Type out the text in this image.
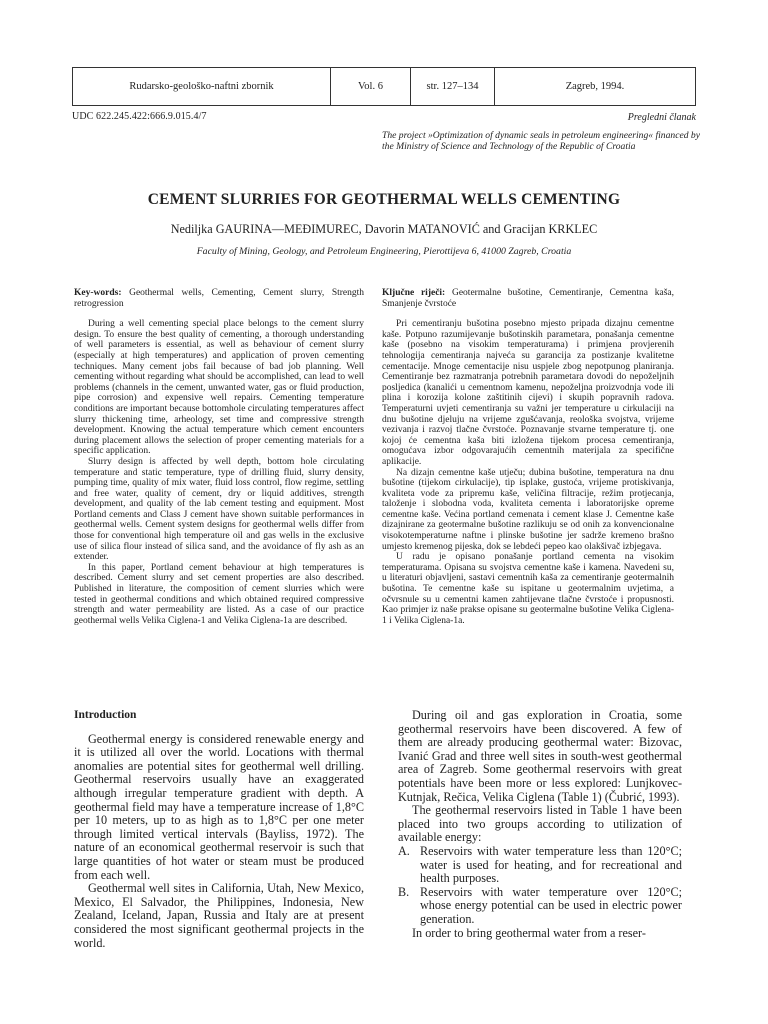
Rudarsko-geološko-naftni zbornik	Vol. 6	str. 127–134	Zagreb, 1994.
UDC 622.245.422:666.9.015.4/7	Pregledni članak
The project »Optimization of dynamic seals in petroleum engineering« financed by the Ministry of Science and Technology of the Republic of Croatia
CEMENT SLURRIES FOR GEOTHERMAL WELLS CEMENTING
Nediljka GAURINA—MEĐIMUREC, Davorin MATANOVIĆ and Gracijan KRKLEC
Faculty of Mining, Geology, and Petroleum Engineering, Pierottijeva 6, 41000 Zagreb, Croatia

Key-words: Geothermal wells, Cementing, Cement slurry, Strength retrogression

During a well cementing special place belongs to the cement slurry design. To ensure the best quality of cementing, a thorough understanding of well parameters is essential, as well as behaviour of cement slurry (especially at high temperatures) and application of proven cementing techniques. Many cement jobs fail because of bad job planning. Well cementing without regarding what should be accomplished, can lead to well problems (channels in the cement, unwanted water, gas or fluid production, pipe corrosion) and expensive well repairs. Cementing temperature conditions are important because bottomhole circulating temperatures affect slurry thickening time, arheology, set time and compressive strength development. Knowing the actual temperature which cement encounters during placement allows the selection of proper cementing materials for a specific application.

Slurry design is affected by well depth, bottom hole circulating temperature and static temperature, type of drilling fluid, slurry density, pumping time, quality of mix water, fluid loss control, flow regime, settling and free water, quality of cement, dry or liquid additives, strength development, and quality of the lab cement testing and equipment. Most Portland cements and Class J cement have shown suitable performances in geothermal wells. Cement system designs for geothermal wells differ from those for conventional high temperature oil and gas wells in the exclusive use of silica flour instead of silica sand, and the avoidance of fly ash as an extender.

In this paper, Portland cement behaviour at high temperatures is described. Cement slurry and set cement properties are also described. Published in literature, the composition of cement slurries which were tested in geothermal conditions and which obtained required compressive strength and water permeability are listed. As a case of our practice geothermal wells Velika Ciglena-1 and Velika Ciglena-1a are described.

Ključne riječi: Geotermalne bušotine, Cementiranje, Cementna kaša, Smanjenje čvrstoće

Pri cementiranju bušotina posebno mjesto pripada dizajnu cementne kaše. Potpuno razumijevanje bušotinskih parametara, ponašanja cementne kaše (posebno na visokim temperaturama) i primjena provjerenih tehnologija cementiranja najveća su garancija za postizanje kvalitetne cementacije. Mnoge cementacije nisu uspjele zbog nepotpunog planiranja. Cementiranje bez razmatranja potrebnih parametara dovodi do nepoželjnih posljedica (kanalići u cementnom kamenu, nepoželjna proizvodnja vode ili plina i korozija kolone zaštitinih cijevi) i skupih popravnih radova. Temperaturni uvjeti cementiranja su važni jer temperature u cirkulaciji na dnu bušotine djeluju na vrijeme zgušćavanja, reološka svojstva, vrijeme vezivanja i razvoj tlačne čvrstoće. Poznavanje stvarne temperature tj. one kojoj će cementna kaša biti izložena tijekom procesa cementiranja, omogućava izbor odgovarajućih cementnih materijala za specifične aplikacije.

Na dizajn cementne kaše utječu; dubina bušotine, temperatura na dnu bušotine (tijekom cirkulacije), tip isplake, gustoća, vrijeme protiskivanja, kvaliteta vode za pripremu kaše, veličina filtracije, režim protjecanja, taloženje i slobodna voda, kvaliteta cementa i laboratorijske opreme cementne kaše. Većina portland cemenata i cement klase J. Cementne kaše dizajnirane za geotermalne bušotine razlikuju se od onih za konvencionalne visokotemperaturne naftne i plinske bušotine jer sadrže kremeno brašno umjesto kremenog pijeska, dok se lebdeći pepeo kao olakšivač izbjegava.

U radu je opisano ponašanje portland cementa na visokim temperaturama. Opisana su svojstva cementne kaše i kamena. Navedeni su, u literaturi objavljeni, sastavi cementnih kaša za cementiranje geotermalnih bušotina. Te cementne kaše su ispitane u geotermalnim uvjetima, a očvrsnule su u cementni kamen zahtijevane tlačne čvrstoće i propusnosti. Kao primjer iz naše prakse opisane su geotermalne bušotine Velika Ciglena-1 i Velika Ciglena-1a.

Introduction

Geothermal energy is considered renewable energy and it is utilized all over the world. Locations with thermal anomalies are potential sites for geothermal well drilling. Geothermal reservoirs usually have an exaggerated although irregular temperature gradient with depth. A geothermal field may have a temperature increase of 1,8°C per 10 meters, up to as high as to 1,8°C per one meter through limited vertical intervals (Bayliss, 1972). The nature of an economical geothermal reservoir is such that large quantities of hot water or steam must be produced from each well.

Geothermal well sites in California, Utah, New Mexico, Mexico, El Salvador, the Philippines, Indonesia, New Zealand, Iceland, Japan, Russia and Italy are at present considered the most significant geothermal projects in the world.

During oil and gas exploration in Croatia, some geothermal reservoirs have been discovered. A few of them are already producing geothermal water: Bizovac, Ivanić Grad and three well sites in south-west geothermal area of Zagreb. Some geothermal reservoirs with great potentials have been more or less explored: Lunjkovec-Kutnjak, Rečica, Velika Ciglena (Table 1) (Čubrić, 1993).

The geothermal reservoirs listed in Table 1 have been placed into two groups according to utilization of available energy:

A. Reservoirs with water temperature less than 120°C; water is used for heating, and for recreational and health purposes.
B. Reservoirs with water temperature over 120°C; whose energy potential can be used in electric power generation.

In order to bring geothermal water from a reser-
